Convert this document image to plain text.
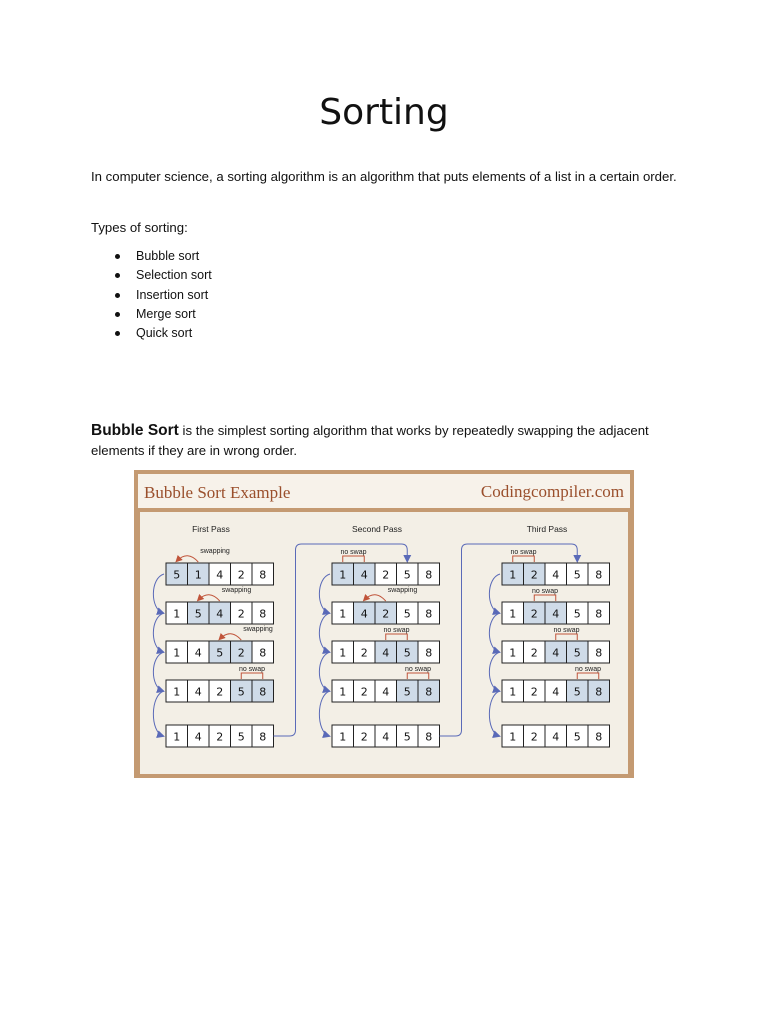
Sorting
In computer science, a sorting algorithm is an algorithm that puts elements of a list in a certain order.
Types of sorting:
Bubble sort
Selection sort
Insertion sort
Merge sort
Quick sort
Bubble Sort is the simplest sorting algorithm that works by repeatedly swapping the adjacent elements if they are in wrong order.
Bubble Sort Example	Codingcompiler.com
First Pass
5 1 4 2 8
swapping
1 5 4 2 8
swapping
1 4 5 2 8
swapping
1 4 2 5 8
no swap
1 4 2 5 8
Second Pass
1 4 2 5 8
no swap
1 4 2 5 8
swapping
1 2 4 5 8
no swap
1 2 4 5 8
no swap
1 2 4 5 8
Third Pass
1 2 4 5 8
no swap
1 2 4 5 8
no swap
1 2 4 5 8
no swap
1 2 4 5 8
no swap
1 2 4 5 8
